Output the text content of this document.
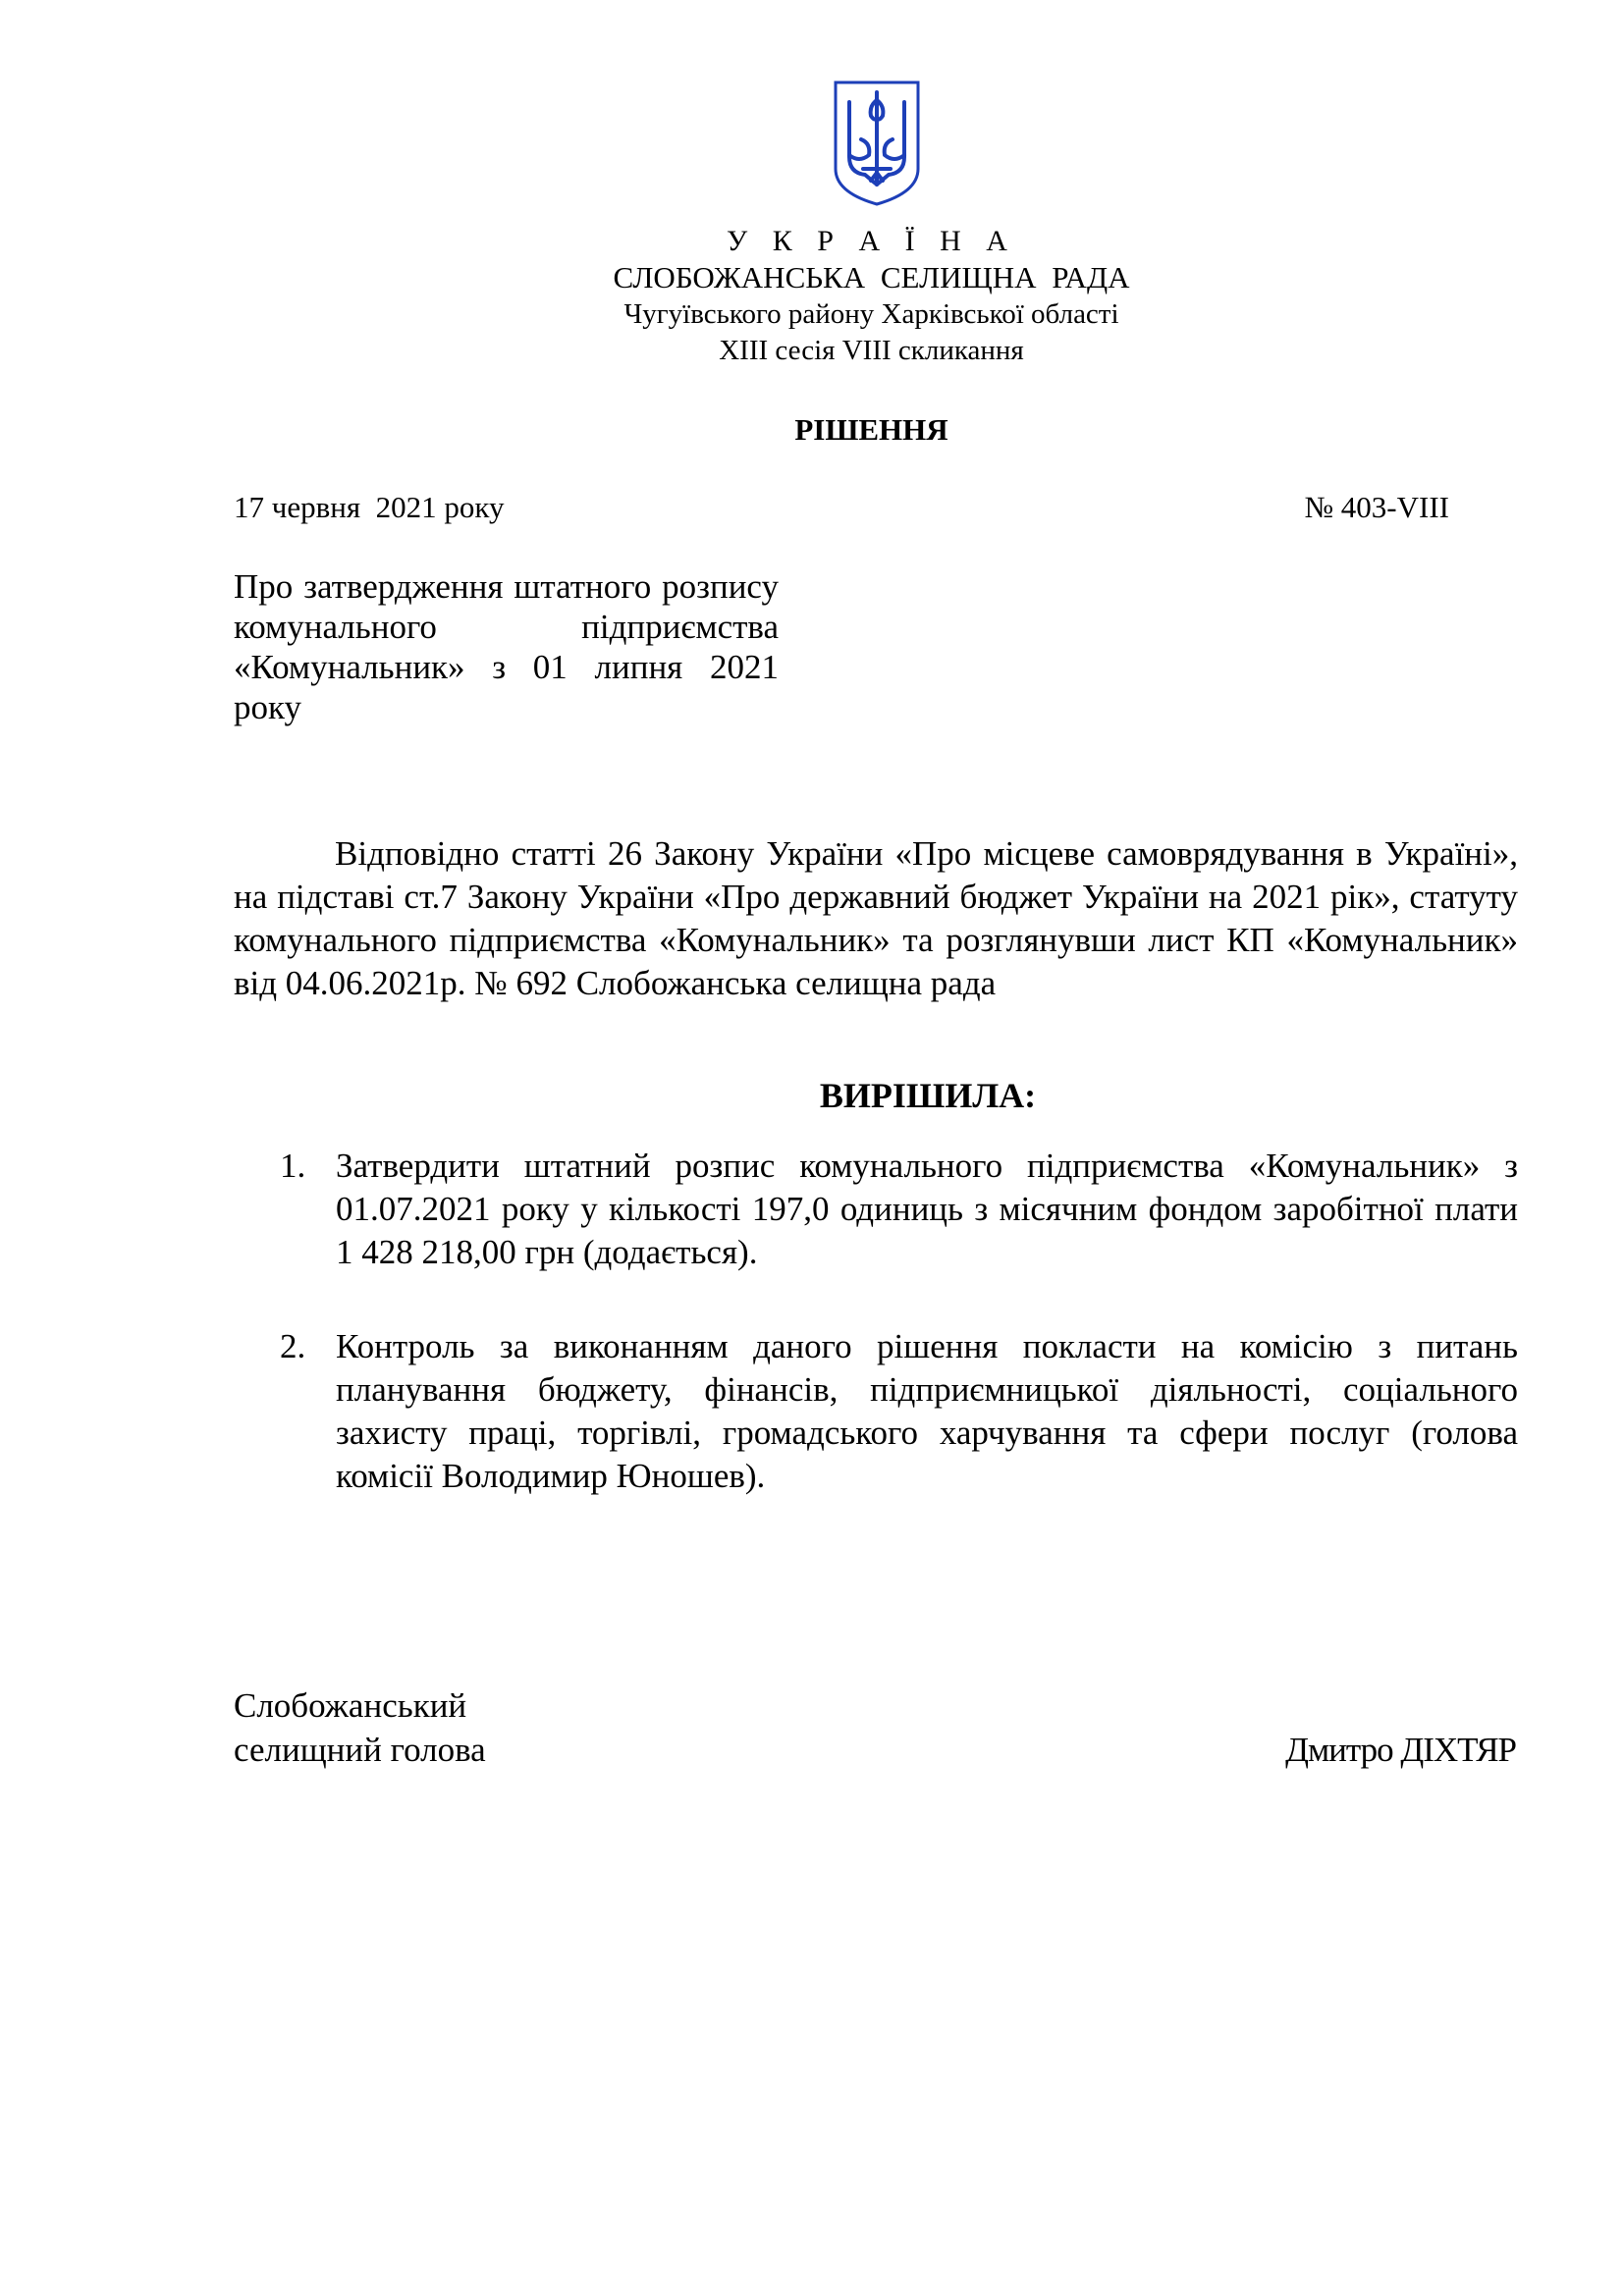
У К Р А Ї Н А
СЛОБОЖАНСЬКА СЕЛИЩНА РАДА
Чугуївського району Харківської області
XIII сесія VIII скликання
РІШЕННЯ
17 червня  2021 року	№ 403-VIII
Про затвердження штатного розпису комунального підприємства «Комунальник» з 01 липня 2021 року
Відповідно статті 26 Закону України «Про місцеве самоврядування в Україні», на підставі ст.7 Закону України «Про державний бюджет України на 2021 рік», статуту комунального підприємства «Комунальник» та розглянувши лист КП «Комунальник» від 04.06.2021р. № 692 Слобожанська селищна рада
ВИРІШИЛА:
1. Затвердити штатний розпис комунального підприємства «Комунальник» з 01.07.2021 року у кількості 197,0 одиниць з місячним фондом заробітної плати 1 428 218,00 грн (додається).
2. Контроль за виконанням даного рішення покласти на комісію з питань планування бюджету, фінансів, підприємницької діяльності, соціального захисту праці, торгівлі, громадського харчування та сфери послуг (голова комісії Володимир Юношев).
Слобожанський
селищний голова	Дмитро ДІХТЯР
